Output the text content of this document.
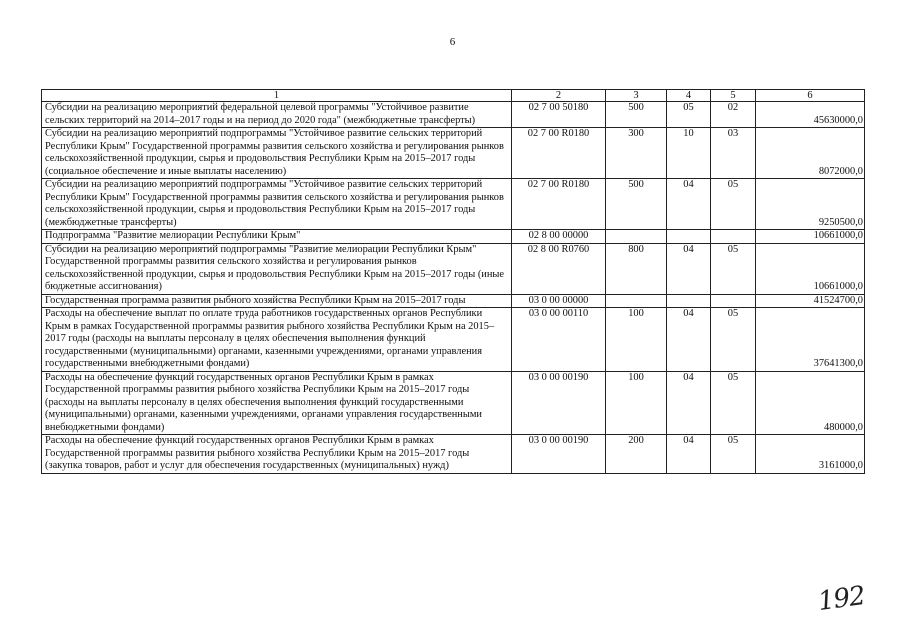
6
1	2	3	4	5	6
Субсидии на реализацию мероприятий федеральной целевой программы "Устойчивое развитие сельских территорий на 2014–2017 годы и на период до 2020 года" (межбюджетные трансферты)	02 7 00 50180	500	05	02	45630000,0
Субсидии на реализацию мероприятий подпрограммы "Устойчивое развитие сельских территорий Республики Крым" Государственной программы развития сельского хозяйства и регулирования рынков сельскохозяйственной продукции, сырья и продовольствия Республики Крым на 2015–2017 годы (социальное обеспечение и иные выплаты населению)	02 7 00 R0180	300	10	03	8072000,0
Субсидии на реализацию мероприятий подпрограммы "Устойчивое развитие сельских территорий Республики Крым" Государственной программы развития сельского хозяйства и регулирования рынков сельскохозяйственной продукции, сырья и продовольствия Республики Крым на 2015–2017 годы (межбюджетные трансферты)	02 7 00 R0180	500	04	05	9250500,0
Подпрограмма "Развитие мелиорации Республики Крым"	02 8 00 00000				10661000,0
Субсидии на реализацию мероприятий подпрограммы "Развитие мелиорации Республики Крым" Государственной программы развития сельского хозяйства и регулирования рынков сельскохозяйственной продукции, сырья и продовольствия Республики Крым на 2015–2017 годы (иные бюджетные ассигнования)	02 8 00 R0760	800	04	05	10661000,0
Государственная программа развития рыбного хозяйства Республики Крым на 2015–2017 годы	03 0 00 00000				41524700,0
Расходы на обеспечение выплат по оплате труда работников государственных органов Республики Крым в рамках Государственной программы развития рыбного хозяйства Республики Крым на 2015–2017 годы (расходы на выплаты персоналу в целях обеспечения выполнения функций государственными (муниципальными) органами, казенными учреждениями, органами управления государственными внебюджетными фондами)	03 0 00 00110	100	04	05	37641300,0
Расходы на обеспечение функций государственных органов Республики Крым в рамках Государственной программы развития рыбного хозяйства Республики Крым на 2015–2017 годы (расходы на выплаты персоналу в целях обеспечения выполнения функций государственными (муниципальными) органами, казенными учреждениями, органами управления государственными внебюджетными фондами)	03 0 00 00190	100	04	05	480000,0
Расходы на обеспечение функций государственных органов Республики Крым в рамках Государственной программы развития рыбного хозяйства Республики Крым на 2015–2017 годы (закупка товаров, работ и услуг для обеспечения государственных (муниципальных) нужд)	03 0 00 00190	200	04	05	3161000,0
192
